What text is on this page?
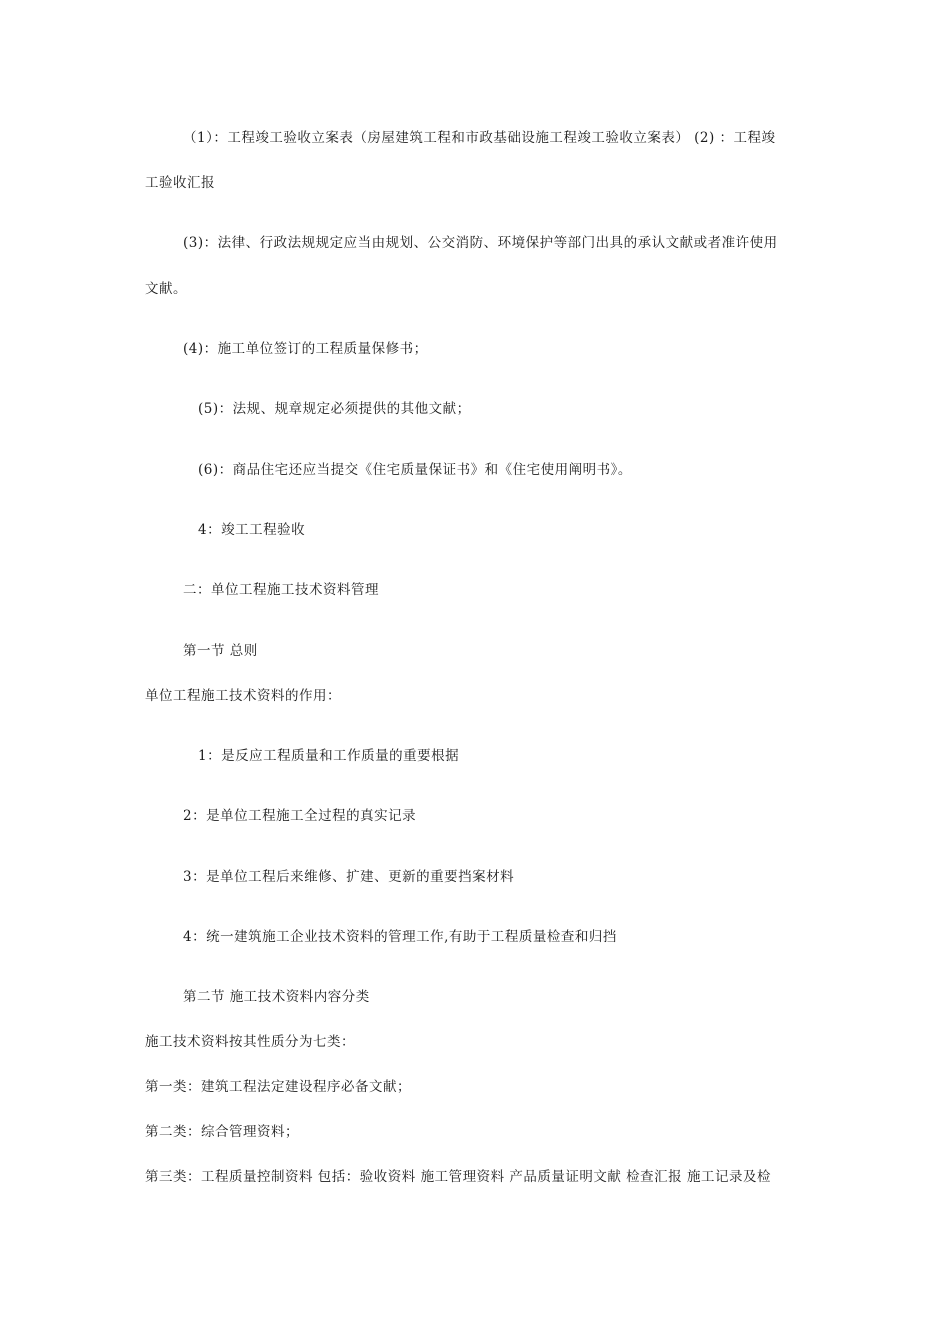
（1）：工程竣工验收立案表（房屋建筑工程和市政基础设施工程竣工验收立案表） (2) ：工程竣
工验收汇报
(3)：法律、行政法规规定应当由规划、公交消防、环境保护等部门出具的承认文献或者准许使用
文献。
(4)：施工单位签订的工程质量保修书；
(5)：法规、规章规定必须提供的其他文献；
(6)：商品住宅还应当提交《住宅质量保证书》和《住宅使用阐明书》。
4：竣工工程验收
二：单位工程施工技术资料管理
第一节 总则
单位工程施工技术资料的作用：
1：是反应工程质量和工作质量的重要根据
2：是单位工程施工全过程的真实记录
3：是单位工程后来维修、扩建、更新的重要挡案材料
4：统一建筑施工企业技术资料的管理工作,有助于工程质量检查和归挡
第二节 施工技术资料内容分类
施工技术资料按其性质分为七类：
第一类：建筑工程法定建设程序必备文献；
第二类：综合管理资料；
第三类：工程质量控制资料 包括：验收资料 施工管理资料 产品质量证明文献 检查汇报 施工记录及检
